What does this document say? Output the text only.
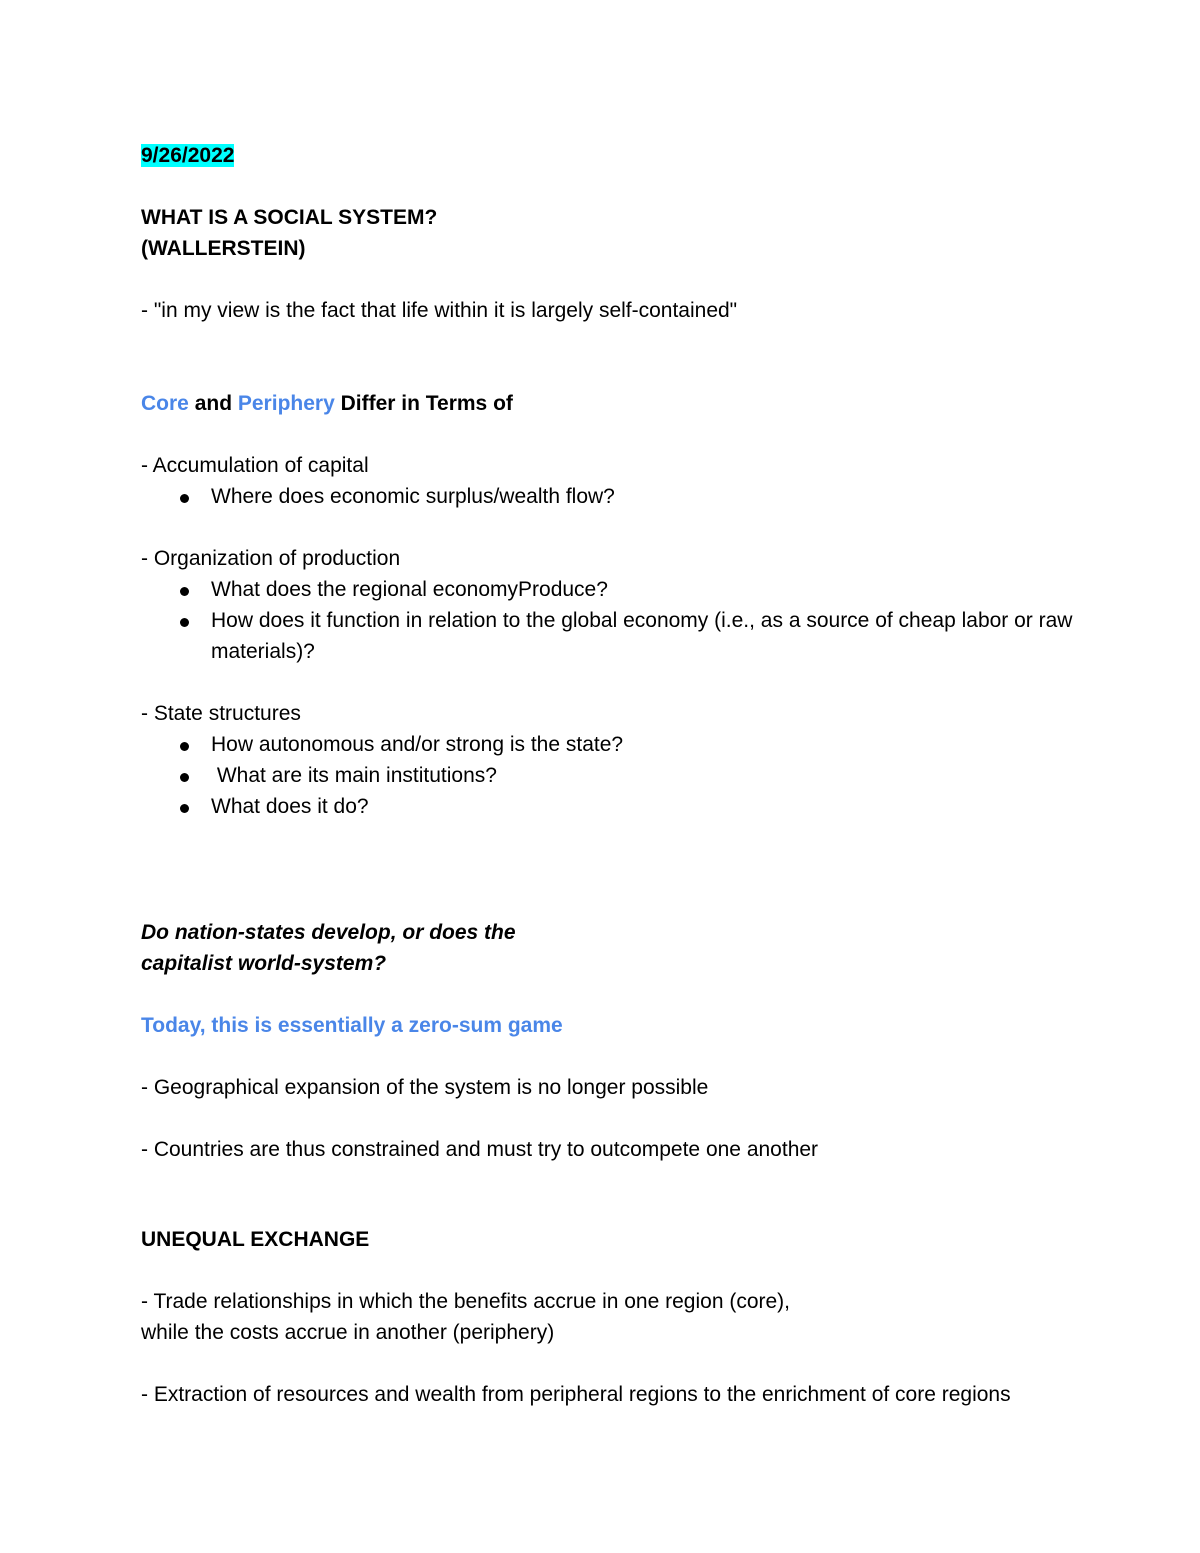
9/26/2022
WHAT IS A SOCIAL SYSTEM?
(WALLERSTEIN)
- "in my view is the fact that life within it is largely self-contained"
Core and Periphery Differ in Terms of
- Accumulation of capital
Where does economic surplus/wealth flow?
- Organization of production
What does the regional economyProduce?
How does it function in relation to the global economy (i.e., as a source of cheap labor or raw
materials)?
- State structures
How autonomous and/or strong is the state?
What are its main institutions?
What does it do?
Do nation-states develop, or does the
capitalist world-system?
Today, this is essentially a zero-sum game
- Geographical expansion of the system is no longer possible
- Countries are thus constrained and must try to outcompete one another
UNEQUAL EXCHANGE
- Trade relationships in which the benefits accrue in one region (core),
while the costs accrue in another (periphery)
- Extraction of resources and wealth from peripheral regions to the enrichment of core regions
